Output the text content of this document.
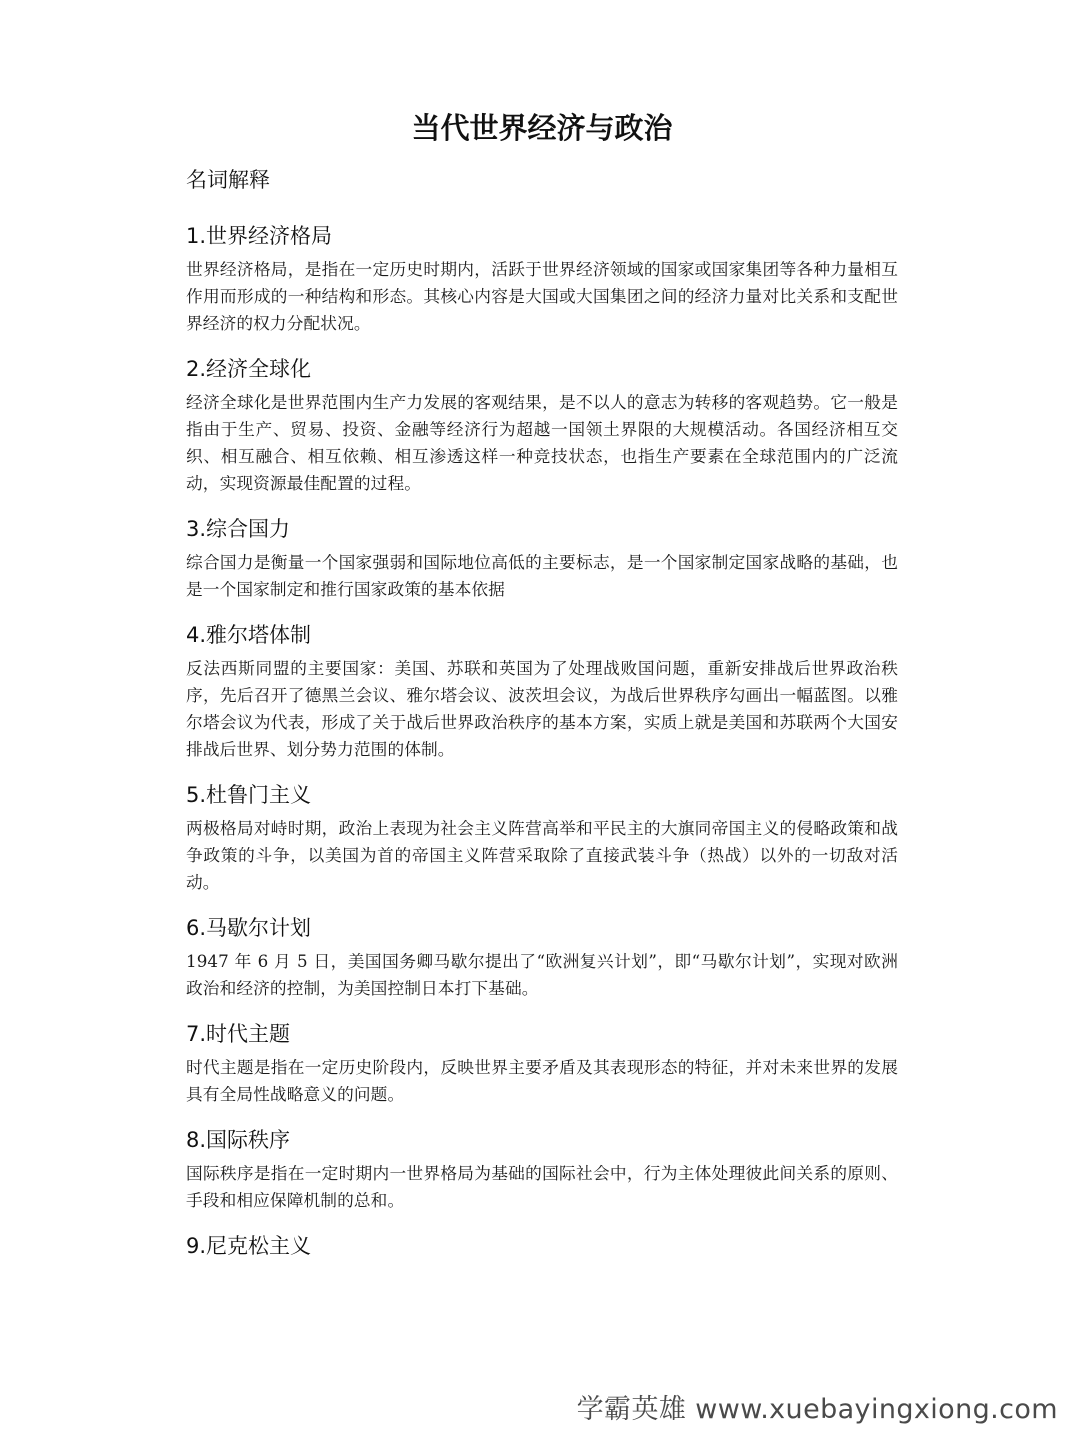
当代世界经济与政治
名词解释
1.世界经济格局

世界经济格局，是指在一定历史时期内，活跃于世界经济领域的国家或国家集团等各种力量相互作用而形成的一种结构和形态。其核心内容是大国或大国集团之间的经济力量对比关系和支配世界经济的权力分配状况。

2.经济全球化

经济全球化是世界范围内生产力发展的客观结果，是不以人的意志为转移的客观趋势。它一般是指由于生产、贸易、投资、金融等经济行为超越一国领土界限的大规模活动。各国经济相互交织、相互融合、相互依赖、相互渗透这样一种竞技状态，也指生产要素在全球范围内的广泛流动，实现资源最佳配置的过程。

3.综合国力

综合国力是衡量一个国家强弱和国际地位高低的主要标志，是一个国家制定国家战略的基础，也是一个国家制定和推行国家政策的基本依据

4.雅尔塔体制

反法西斯同盟的主要国家：美国、苏联和英国为了处理战败国问题，重新安排战后世界政治秩序，先后召开了德黑兰会议、雅尔塔会议、波茨坦会议，为战后世界秩序勾画出一幅蓝图。以雅尔塔会议为代表，形成了关于战后世界政治秩序的基本方案，实质上就是美国和苏联两个大国安排战后世界、划分势力范围的体制。

5.杜鲁门主义

两极格局对峙时期，政治上表现为社会主义阵营高举和平民主的大旗同帝国主义的侵略政策和战争政策的斗争，以美国为首的帝国主义阵营采取除了直接武装斗争（热战）以外的一切敌对活动。

6.马歇尔计划

1947 年 6 月 5 日，美国国务卿马歇尔提出了“欧洲复兴计划”，即“马歇尔计划”，实现对欧洲政治和经济的控制，为美国控制日本打下基础。

7.时代主题

时代主题是指在一定历史阶段内，反映世界主要矛盾及其表现形态的特征，并对未来世界的发展具有全局性战略意义的问题。

8.国际秩序

国际秩序是指在一定时期内一世界格局为基础的国际社会中，行为主体处理彼此间关系的原则、手段和相应保障机制的总和。

9.尼克松主义
学霸英雄 www.xuebayingxiong.com
